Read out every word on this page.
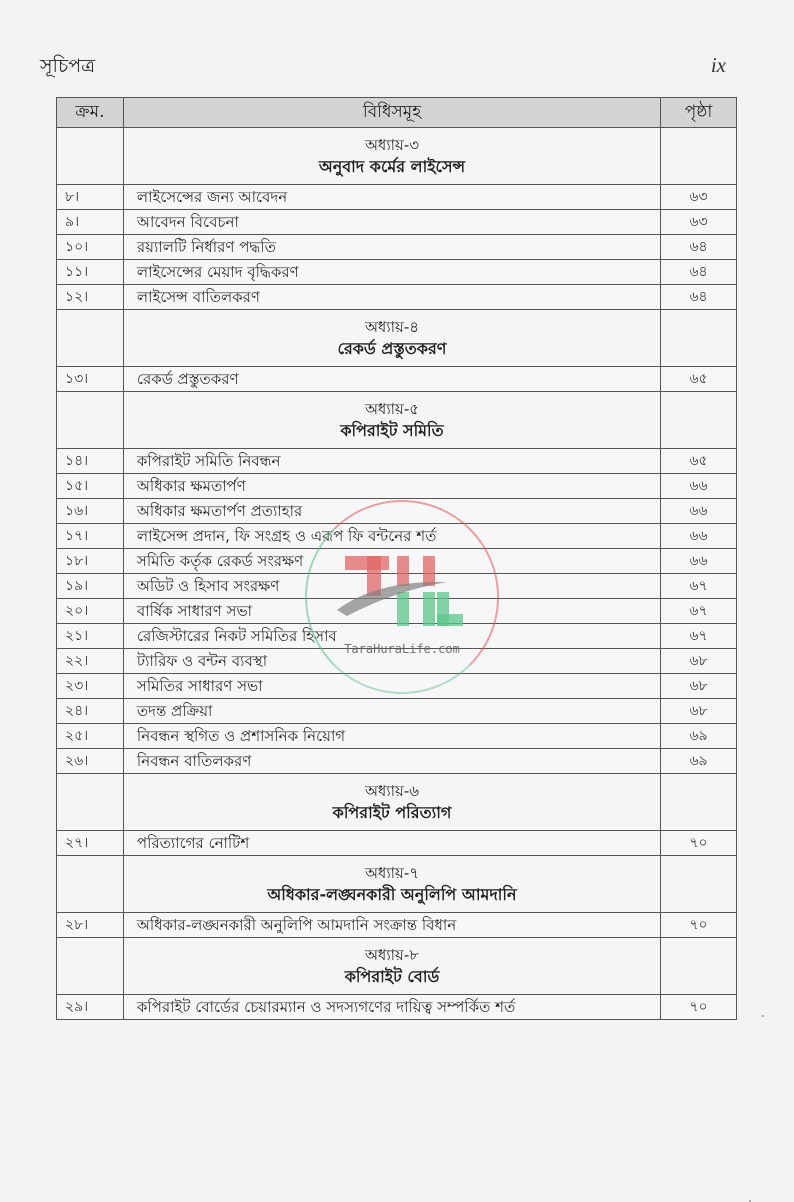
সূচিপত্র	ix
ক্রম.	বিধিসমূহ	পৃষ্ঠা

	অধ্যায়-৩
অনুবাদ কর্মের লাইসেন্স	

৮।	লাইসেন্সের জন্য আবেদন	৬৩
৯।	আবেদন বিবেচনা	৬৩
১০।	রয়্যালটি নির্ধারণ পদ্ধতি	৬৪
১১।	লাইসেন্সের মেয়াদ বৃদ্ধিকরণ	৬৪
১২।	লাইসেন্স বাতিলকরণ	৬৪

	অধ্যায়-৪
রেকর্ড প্রস্তুতকরণ	

১৩।	রেকর্ড প্রস্তুতকরণ	৬৫

	অধ্যায়-৫
কপিরাইট সমিতি	

১৪।	কপিরাইট সমিতি নিবন্ধন	৬৫
১৫।	অধিকার ক্ষমতার্পণ	৬৬
১৬।	অধিকার ক্ষমতার্পণ প্রত্যাহার	৬৬
১৭।	লাইসেন্স প্রদান, ফি সংগ্রহ ও এরূপ ফি বন্টনের শর্ত	৬৬
১৮।	সমিতি কর্তৃক রেকর্ড সংরক্ষণ	৬৬
১৯।	অডিট ও হিসাব সংরক্ষণ	৬৭
২০।	বার্ষিক সাধারণ সভা	৬৭
২১।	রেজিস্টারের নিকট সমিতির হিসাব	৬৭
২২।	ট্যারিফ ও বন্টন ব্যবস্থা	৬৮
২৩।	সমিতির সাধারণ সভা	৬৮
২৪।	তদন্ত প্রক্রিয়া	৬৮
২৫।	নিবন্ধন স্থগিত ও প্রশাসনিক নিয়োগ	৬৯
২৬।	নিবন্ধন বাতিলকরণ	৬৯

	অধ্যায়-৬
কপিরাইট পরিত্যাগ	

২৭।	পরিত্যাগের নোটিশ	৭০

	অধ্যায়-৭
অধিকার-লঙ্ঘনকারী অনুলিপি আমদানি	

২৮।	অধিকার-লঙ্ঘনকারী অনুলিপি আমদানি সংক্রান্ত বিধান	৭০

	অধ্যায়-৮
কপিরাইট বোর্ড	

২৯।	কপিরাইট বোর্ডের চেয়ারম্যান ও সদস্যগণের দায়িত্ব সম্পর্কিত শর্ত	৭০
TaraHuraLife.com
